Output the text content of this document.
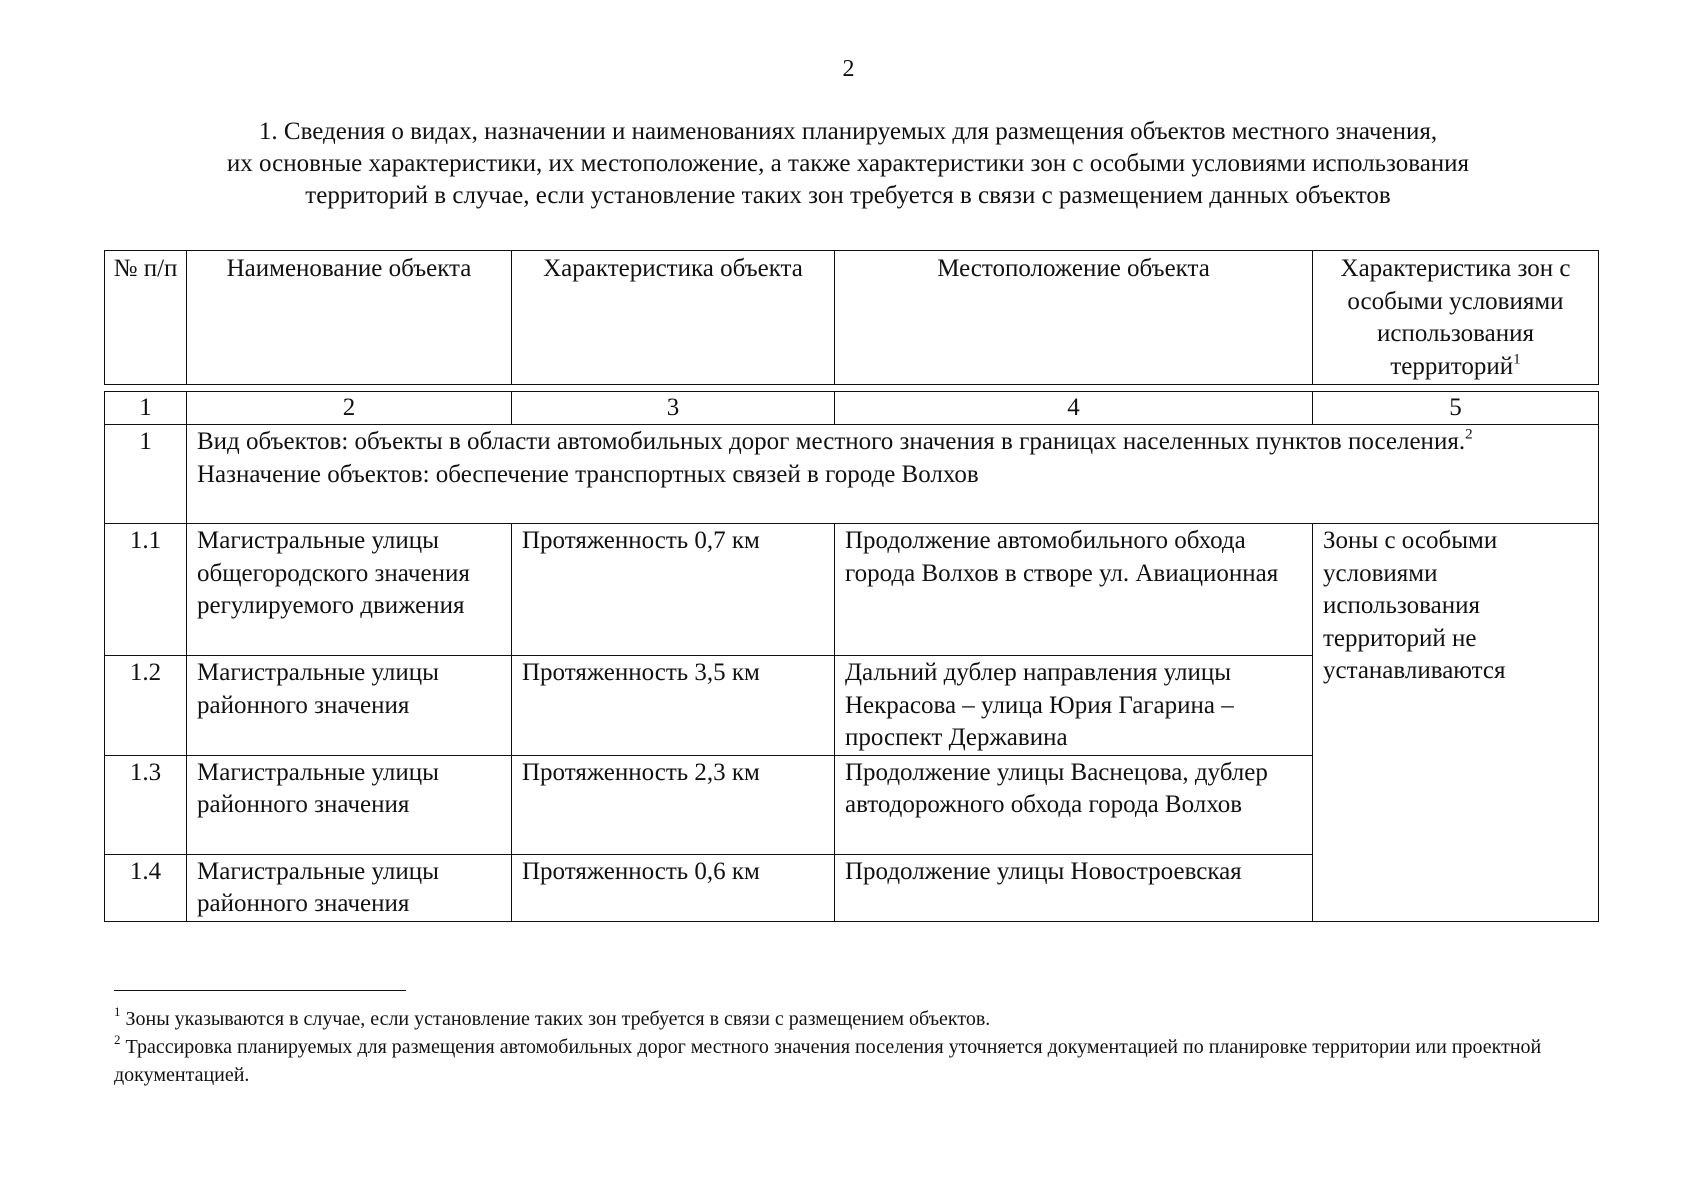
2
1. Сведения о видах, назначении и наименованиях планируемых для размещения объектов местного значения,
их основные характеристики, их местоположение, а также характеристики зон с особыми условиями использования
территорий в случае, если установление таких зон требуется в связи с размещением данных объектов
№ п/п	Наименование объекта	Характеристика объекта	Местоположение объекта	Характеристика зон с особыми условиями использования территорий$^1$
1	2	3	4	5
1	Вид объектов: объекты в области автомобильных дорог местного значения в границах населенных пунктов поселения.$^2$
Назначение объектов: обеспечение транспортных связей в городе Волхов			

1.1	Магистральные улицы общегородского значения регулируемого движения	Протяженность 0,7 км	Продолжение автомобильного обхода города Волхов в створе ул. Авиационная	Зоны с особыми условиями использования территорий не устанавливаются
1.2	Магистральные улицы районного значения	Протяженность 3,5 км	Дальний дублер направления улицы Некрасова – улица Юрия Гагарина – проспект Державина	
1.3	Магистральные улицы районного значения	Протяженность 2,3 км	Продолжение улицы Васнецова, дублер автодорожного обхода города Волхов	
1.4	Магистральные улицы районного значения	Протяженность 0,6 км	Продолжение улицы Новостроевская	
$^1$ Зоны указываются в случае, если установление таких зон требуется в связи с размещением объектов.
$^2$ Трассировка планируемых для размещения автомобильных дорог местного значения поселения уточняется документацией по планировке территории или проектной документацией.
